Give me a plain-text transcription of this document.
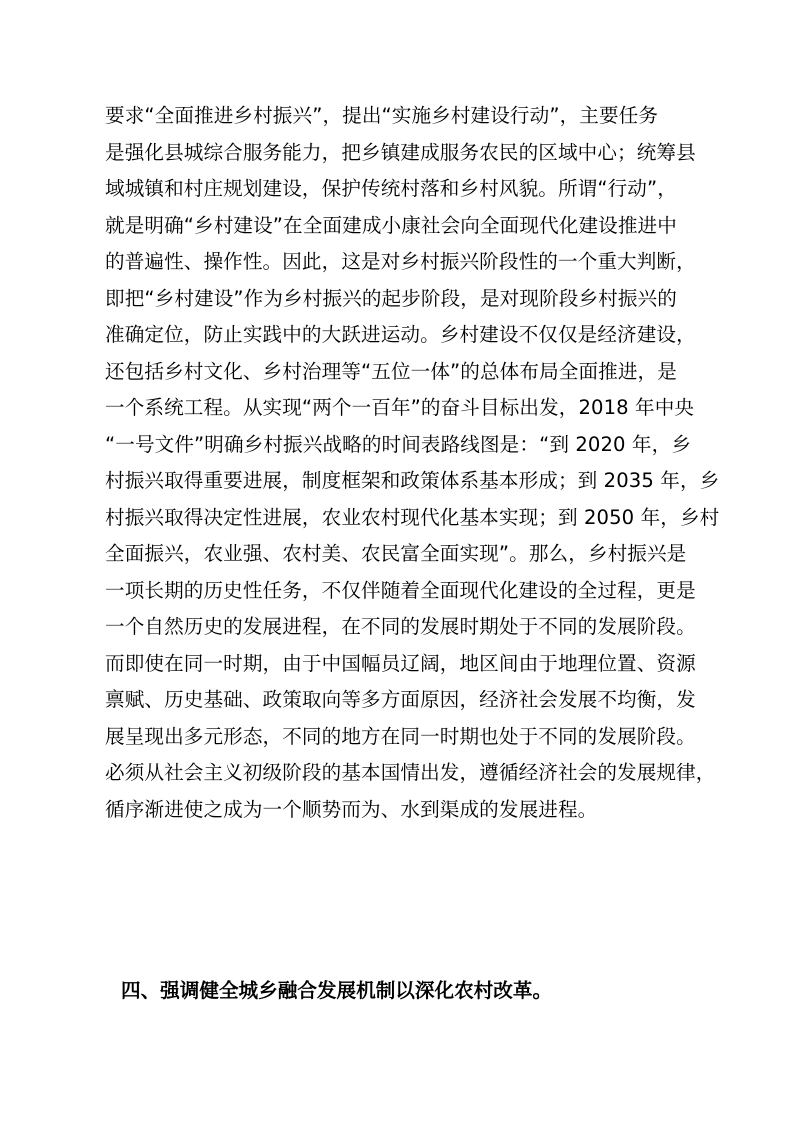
要求“全面推进乡村振兴”，提出“实施乡村建设行动”，主要任务
是强化县城综合服务能力，把乡镇建成服务农民的区域中心；统筹县
域城镇和村庄规划建设，保护传统村落和乡村风貌。所谓“行动”，
就是明确“乡村建设”在全面建成小康社会向全面现代化建设推进中
的普遍性、操作性。因此，这是对乡村振兴阶段性的一个重大判断，
即把“乡村建设”作为乡村振兴的起步阶段，是对现阶段乡村振兴的
准确定位，防止实践中的大跃进运动。乡村建设不仅仅是经济建设，
还包括乡村文化、乡村治理等“五位一体”的总体布局全面推进，是
一个系统工程。从实现“两个一百年”的奋斗目标出发，2018 年中央
“一号文件”明确乡村振兴战略的时间表路线图是：“到 2020 年，乡
村振兴取得重要进展，制度框架和政策体系基本形成；到 2035 年，乡
村振兴取得决定性进展，农业农村现代化基本实现；到 2050 年，乡村
全面振兴，农业强、农村美、农民富全面实现”。那么，乡村振兴是
一项长期的历史性任务，不仅伴随着全面现代化建设的全过程，更是
一个自然历史的发展进程，在不同的发展时期处于不同的发展阶段。
而即使在同一时期，由于中国幅员辽阔，地区间由于地理位置、资源
禀赋、历史基础、政策取向等多方面原因，经济社会发展不均衡，发
展呈现出多元形态，不同的地方在同一时期也处于不同的发展阶段。
必须从社会主义初级阶段的基本国情出发，遵循经济社会的发展规律，
循序渐进使之成为一个顺势而为、水到渠成的发展进程。
四、强调健全城乡融合发展机制以深化农村改革。
